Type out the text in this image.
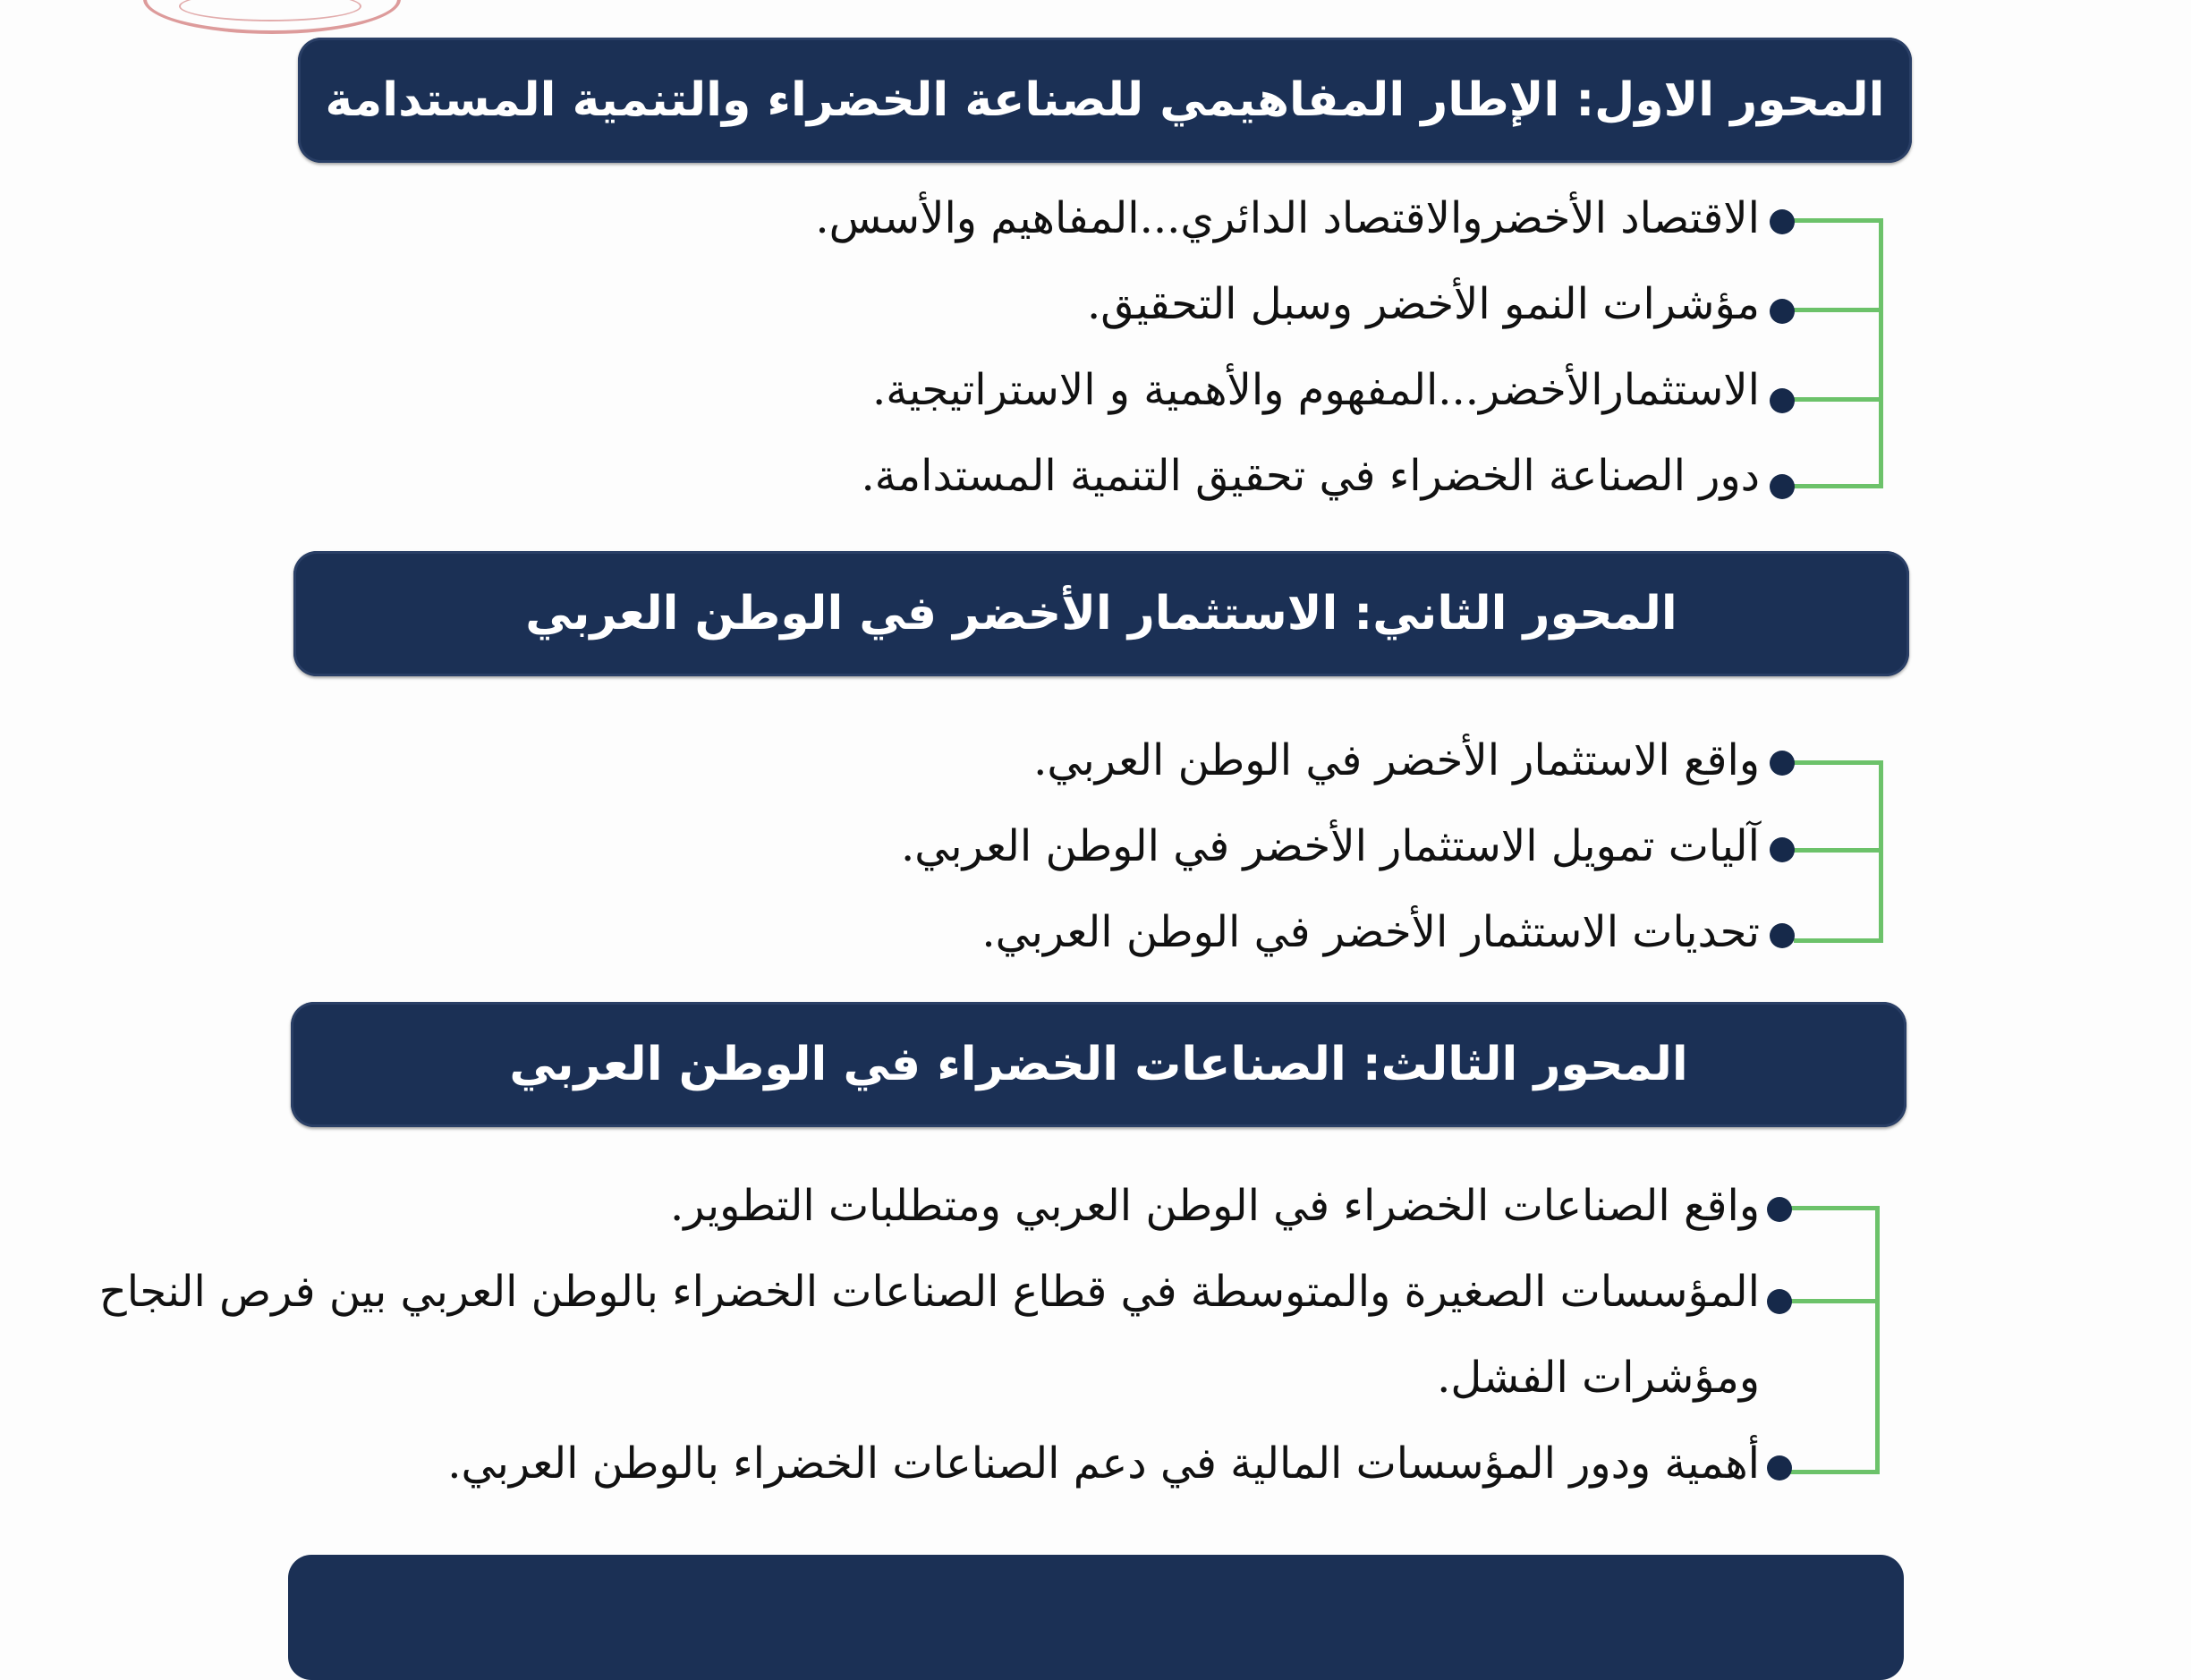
المحور الاول: الإطار المفاهيمي للصناعة الخضراء والتنمية المستدامة
الاقتصاد الأخضروالاقتصاد الدائري...المفاهيم والأسس.
مؤشرات النمو الأخضر وسبل التحقيق.
الاستثمارالأخضر...المفهوم والأهمية و الاستراتيجية.
دور الصناعة الخضراء في تحقيق التنمية المستدامة.
المحور الثاني: الاستثمار الأخضر في الوطن العربي
واقع الاستثمار الأخضر في الوطن العربي.
آليات تمويل الاستثمار الأخضر في الوطن العربي.
تحديات الاستثمار الأخضر في الوطن العربي.
المحور الثالث: الصناعات الخضراء في الوطن العربي
واقع الصناعات الخضراء في الوطن العربي ومتطلبات التطوير.
المؤسسات الصغيرة والمتوسطة في قطاع الصناعات الخضراء بالوطن العربي بين فرص النجاح
ومؤشرات الفشل.
أهمية ودور المؤسسات المالية في دعم الصناعات الخضراء بالوطن العربي.
